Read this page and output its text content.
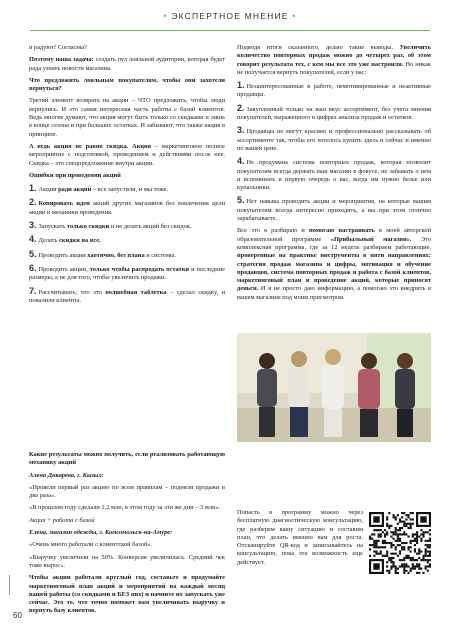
• ЭКСПЕРТНОЕ МНЕНИЕ •

и радуют! Согласны?

Поэтому наша задача: создать пул лояльной аудитории, которая будет рада узнать новости магазина.

Что предложить лояльным покупателям, чтобы они захотели вернуться?

Третий элемент возврата на акции – ЧТО предложить, чтобы люди вернулись. И это самая интересная часть работы с базой клиентов. Ведь многие думают, что акция могут быть только со скидками и лишь в конце сезона и при больших остатках. И забывают, что также акция в принципе.

А ведь акция не равно скидка. Акция – маркетинговое полное мероприятие с подготовкой, проведением и действиями после нее. Скидка – это спецпредложение внутри акции.

Ошибки при проведении акций

1. Акции ради акций – все запустили, и мы тоже.

2. Копировать идеи акций других магазинов без вовлечения цели акции и механики проведения.

3. Запускать только скидки и не делать акций без скидок.

4. Делать скидки на все.

5. Проводить акции хаотично, без плана и системы.

6. Проводить акции, только чтобы распродать остатки и последние размеры, а не для того, чтобы увеличить продажи.

7. Рассчитывать, что это волшебная таблетка – сделал скидку, и повалили клиенты.

Подводя итоги сказанного, делаю такие выводы. Увеличить количество повторных продаж можно до четырех раз, об этом говорит результата тех, с кем мы все это уже настроили. Но никак не получается вернуть покупателей, если у вас:

1. Незаинтересованные в работе, немотивированные и неактивные продавцы.

2. Закупленный только на ваш вкус ассортимент, без учета мнения покупателей, выраженного в цифрах анализа продаж и остатков.

3. Продавцы не могут красиво и профессионально рассказывать об ассортименте так, чтобы его хотелось купить здесь и сейчас и именно по вашей цене.

4. Не продумана система повторных продаж, которая позволит покупателям всегда держать ваш магазин в фокусе, не забывать о нем и вспоминать в первую очередь о вас, когда им нужно белье или купальники.

5. Нет навыка проводить акции и мероприятия, на которые вашим покупателям всегда интересно приходить, а вы при этом отлично зарабатываете.

Все это я разбираю и помогаю настраивать в моей авторской образовательной программе «Прибыльный магазин». Это комплексная программа, где за 12 недель разбираем работающие, проверенные на практике инструменты в пяти направлениях: стратегия продаж магазина и цифры, мотивация и обучение продавцов, система повторных продаж и работа с базой клиентов, маркетинговый план и проведение акций, которые приносят деньги. И я не просто даю информацию, а помогаю это внедрить в вашем магазине под моим присмотром.

Какие результаты можно получить, если реализовать работающую механику акций

Алена Дикарева, г. Кызыл:

«Провели первый раз акцию по всем правилам – подняли продажи в два раза».

«В прошлом году сделали 1,2 млн, в этом году за эти же дни – 3 млн».

Акция + работа с базой

Елена, магазин одежды, г. Комсомольск-на-Амуре:

«Очень много работали с клиентской базой».

«Выручку увеличили на 50%. Конверсия увеличилась. Средний чек тоже вырос».

Чтобы акции работали круглый год, составьте и продумайте маркетинговый план акций и мероприятий на каждый месяц вашей работы (со скидками и БЕЗ них) и начните их запускать уже сейчас. Это то, что точно поможет вам увеличивать выручку и вернуть базу клиентов.

Попасть в программу можно через бесплатную диагностическую консультацию, где разберем вашу ситуацию и составим план, что делать именно вам для роста. Отсканируйте QR-код и записывайтесь на консультацию, пока эта возможность еще действует.

60
